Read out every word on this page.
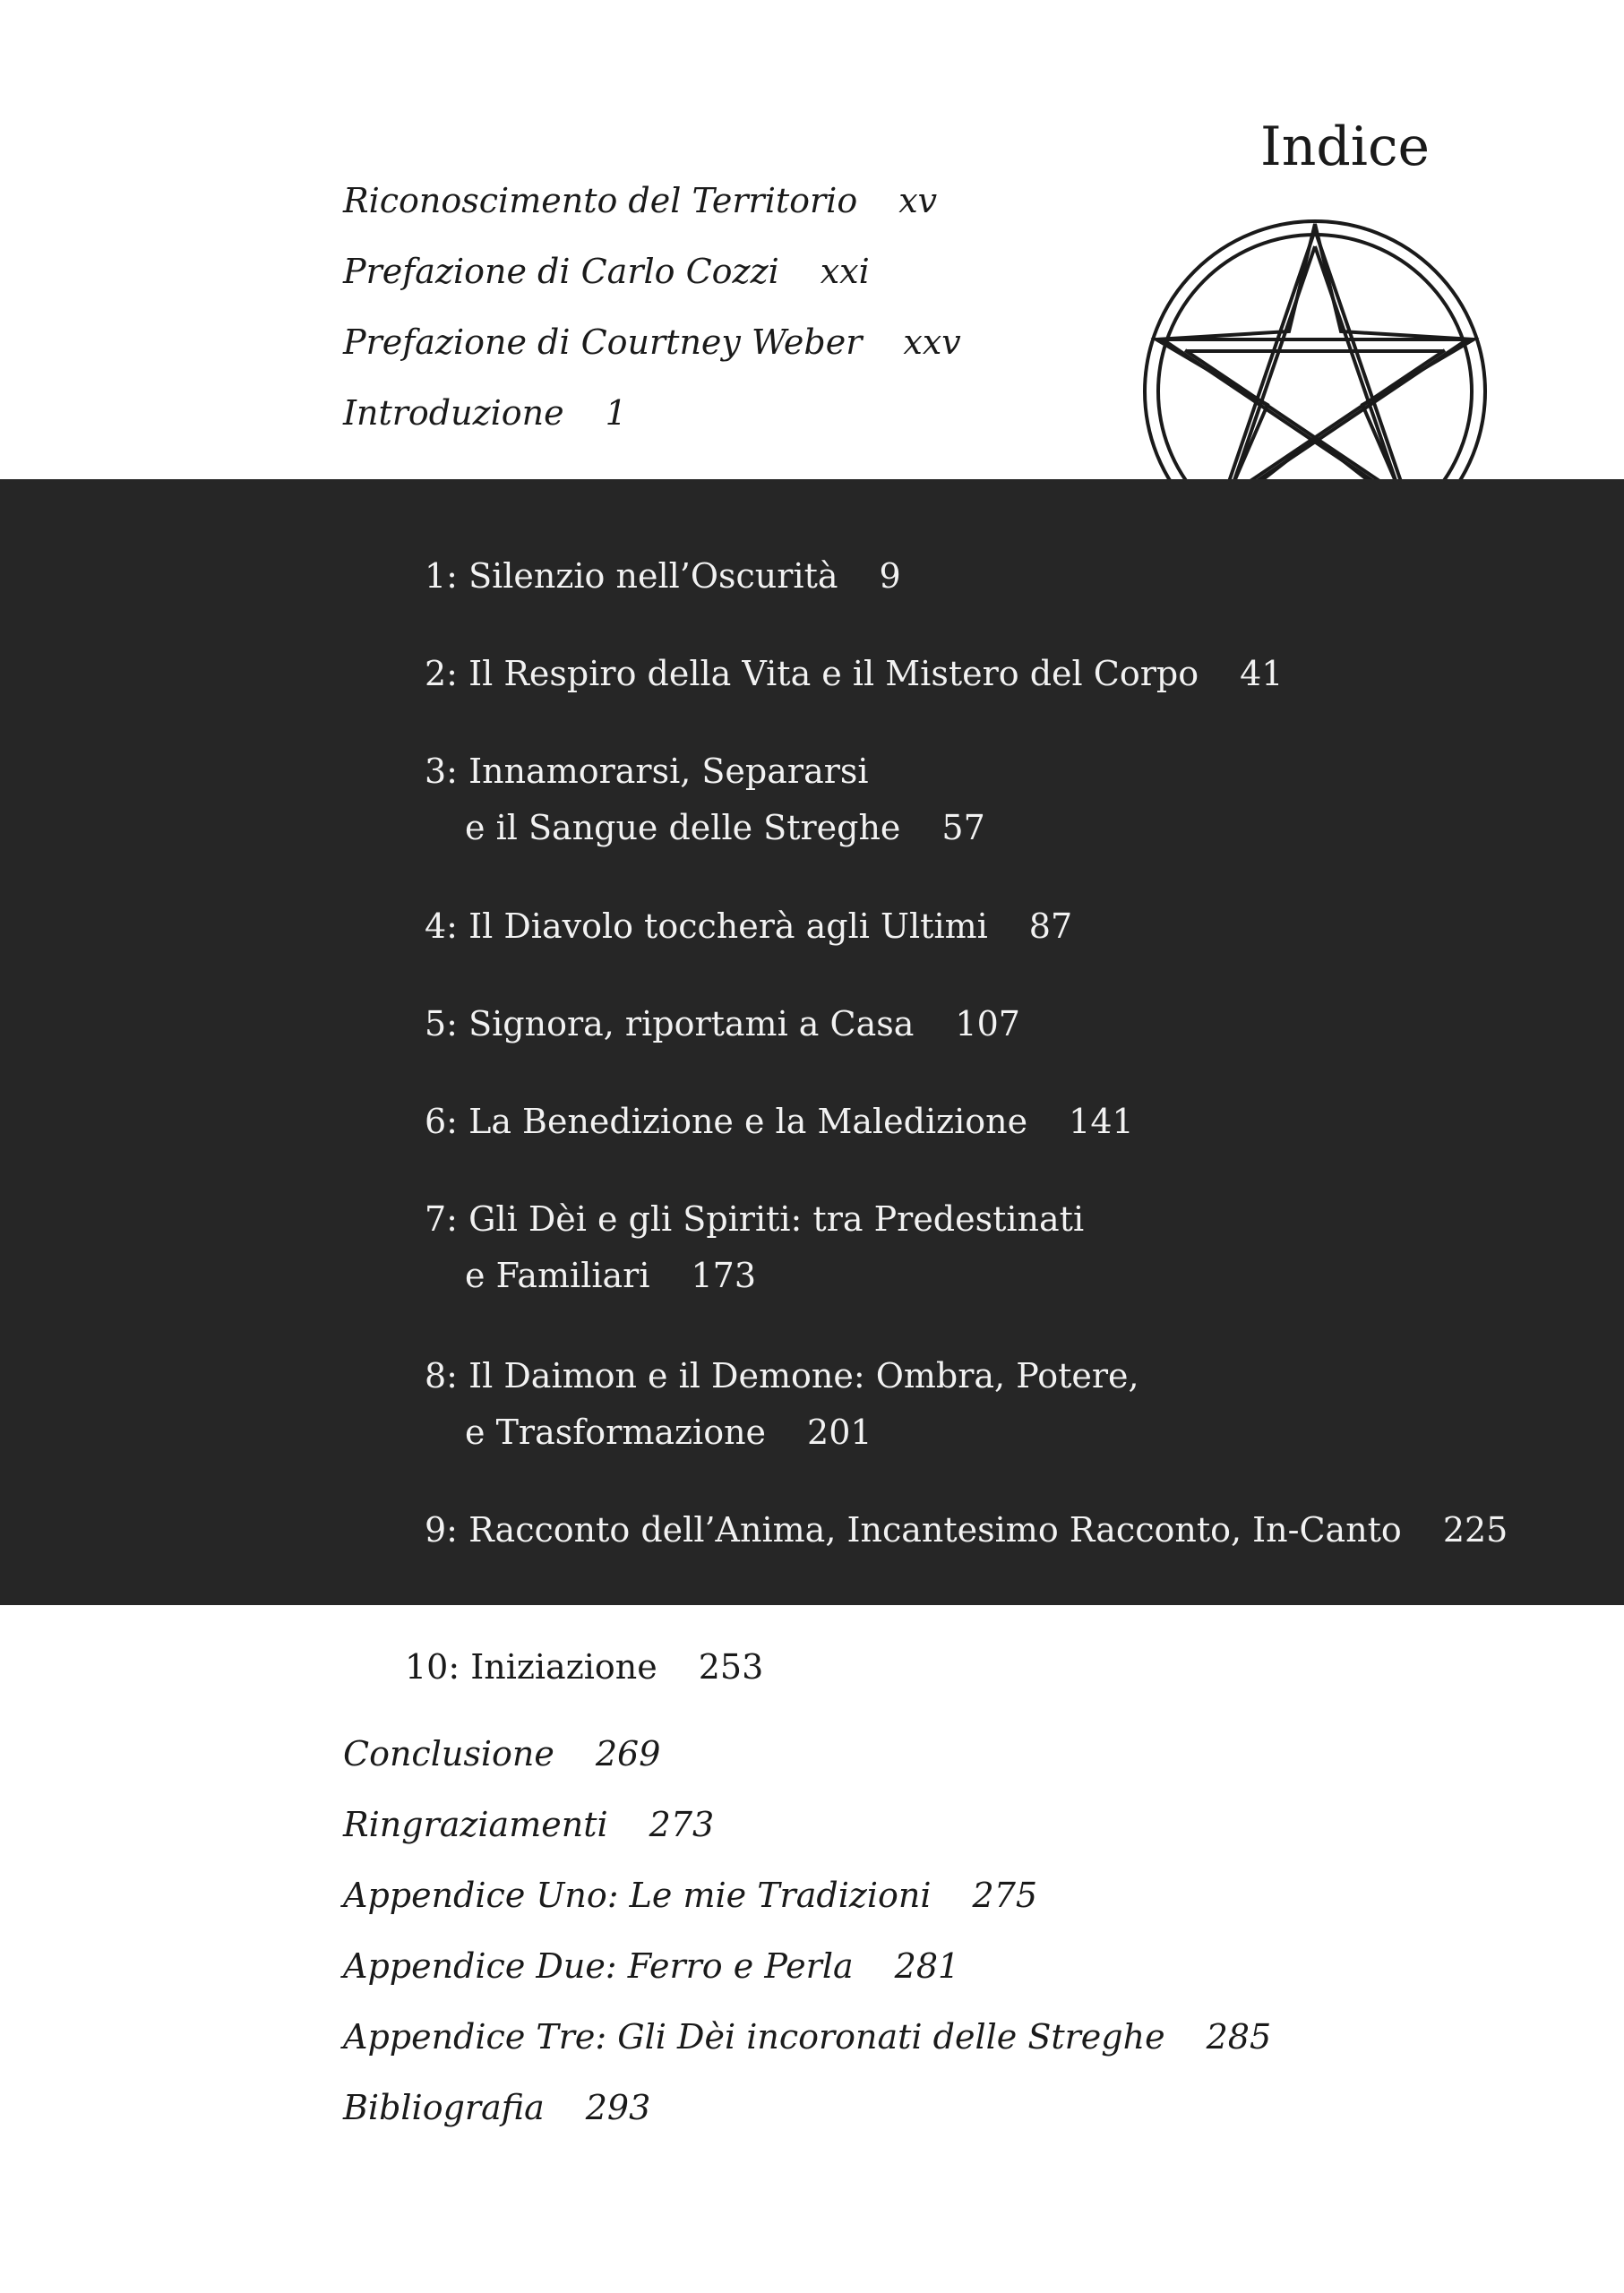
Indice
Riconoscimento del Territorio xv
Prefazione di Carlo Cozzi xxi
Prefazione di Courtney Weber xxv
Introduzione 1
1: Silenzio nell’Oscurità 9
2: Il Respiro della Vita e il Mistero del Corpo 41
3: Innamorarsi, Separarsi
e il Sangue delle Streghe 57
4: Il Diavolo toccherà agli Ultimi 87
5: Signora, riportami a Casa 107
6: La Benedizione e la Maledizione 141
7: Gli Dèi e gli Spiriti: tra Predestinati
e Familiari 173
8: Il Daimon e il Demone: Ombra, Potere,
e Trasformazione 201
9: Racconto dell’Anima, Incantesimo Racconto, In-Canto 225
10: Iniziazione 253
Conclusione 269
Ringraziamenti 273
Appendice Uno: Le mie Tradizioni 275
Appendice Due: Ferro e Perla 281
Appendice Tre: Gli Dèi incoronati delle Streghe 285
Bibliografia 293
